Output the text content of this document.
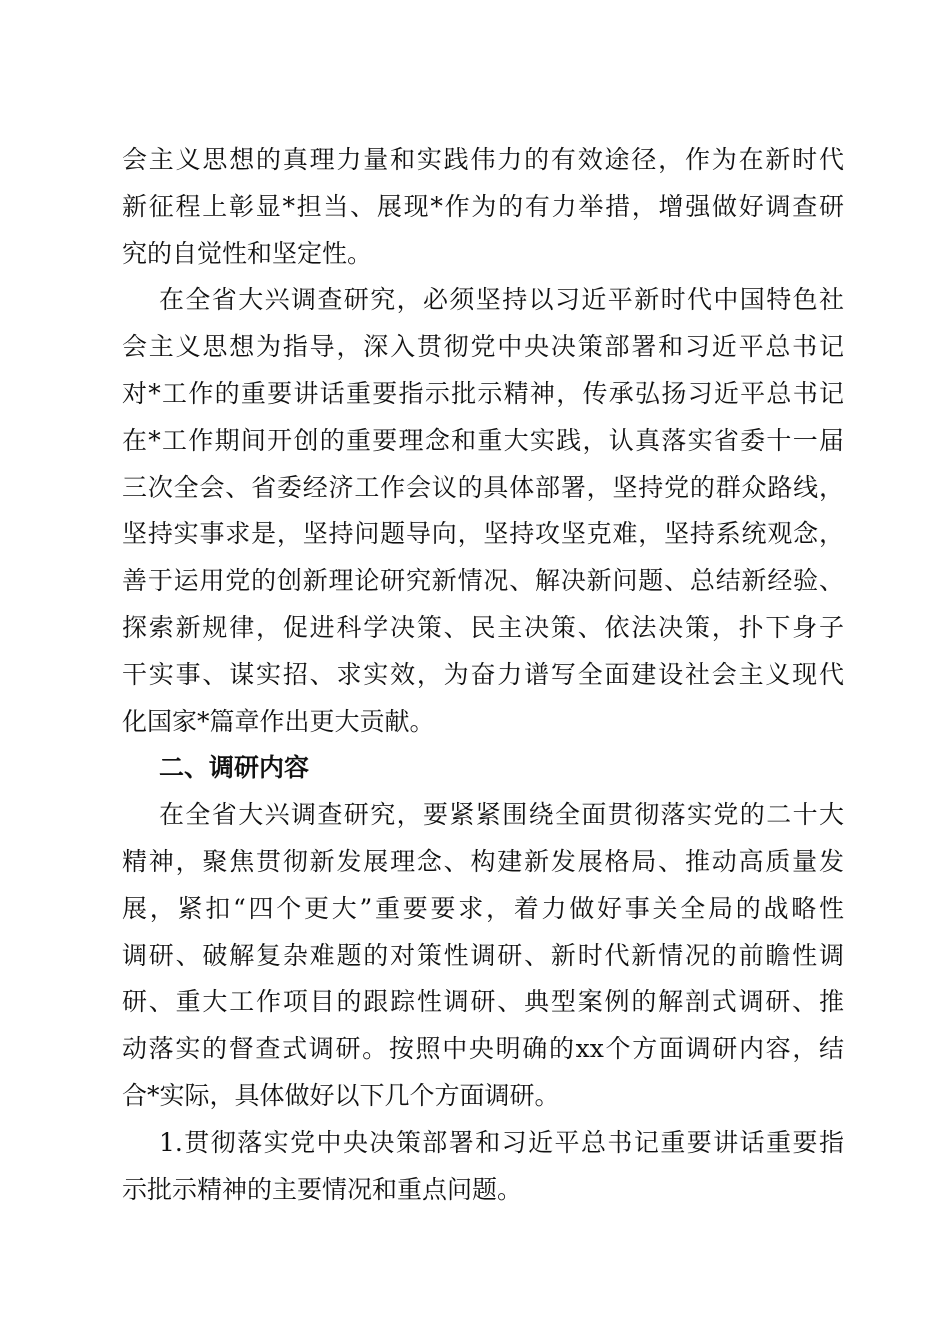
会主义思想的真理力量和实践伟力的有效途径，作为在新时代
新征程上彰显*担当、展现*作为的有力举措，增强做好调查研
究的自觉性和坚定性。
在全省大兴调查研究，必须坚持以习近平新时代中国特色社
会主义思想为指导，深入贯彻党中央决策部署和习近平总书记
对*工作的重要讲话重要指示批示精神，传承弘扬习近平总书记
在*工作期间开创的重要理念和重大实践，认真落实省委十一届
三次全会、省委经济工作会议的具体部署，坚持党的群众路线，
坚持实事求是，坚持问题导向，坚持攻坚克难，坚持系统观念，
善于运用党的创新理论研究新情况、解决新问题、总结新经验、
探索新规律，促进科学决策、民主决策、依法决策，扑下身子
干实事、谋实招、求实效，为奋力谱写全面建设社会主义现代
化国家*篇章作出更大贡献。
二、调研内容
在全省大兴调查研究，要紧紧围绕全面贯彻落实党的二十大
精神，聚焦贯彻新发展理念、构建新发展格局、推动高质量发
展，紧扣“四个更大”重要要求，着力做好事关全局的战略性
调研、破解复杂难题的对策性调研、新时代新情况的前瞻性调
研、重大工作项目的跟踪性调研、典型案例的解剖式调研、推
动落实的督查式调研。按照中央明确的xx个方面调研内容，结
合*实际，具体做好以下几个方面调研。
1.贯彻落实党中央决策部署和习近平总书记重要讲话重要指
示批示精神的主要情况和重点问题。
